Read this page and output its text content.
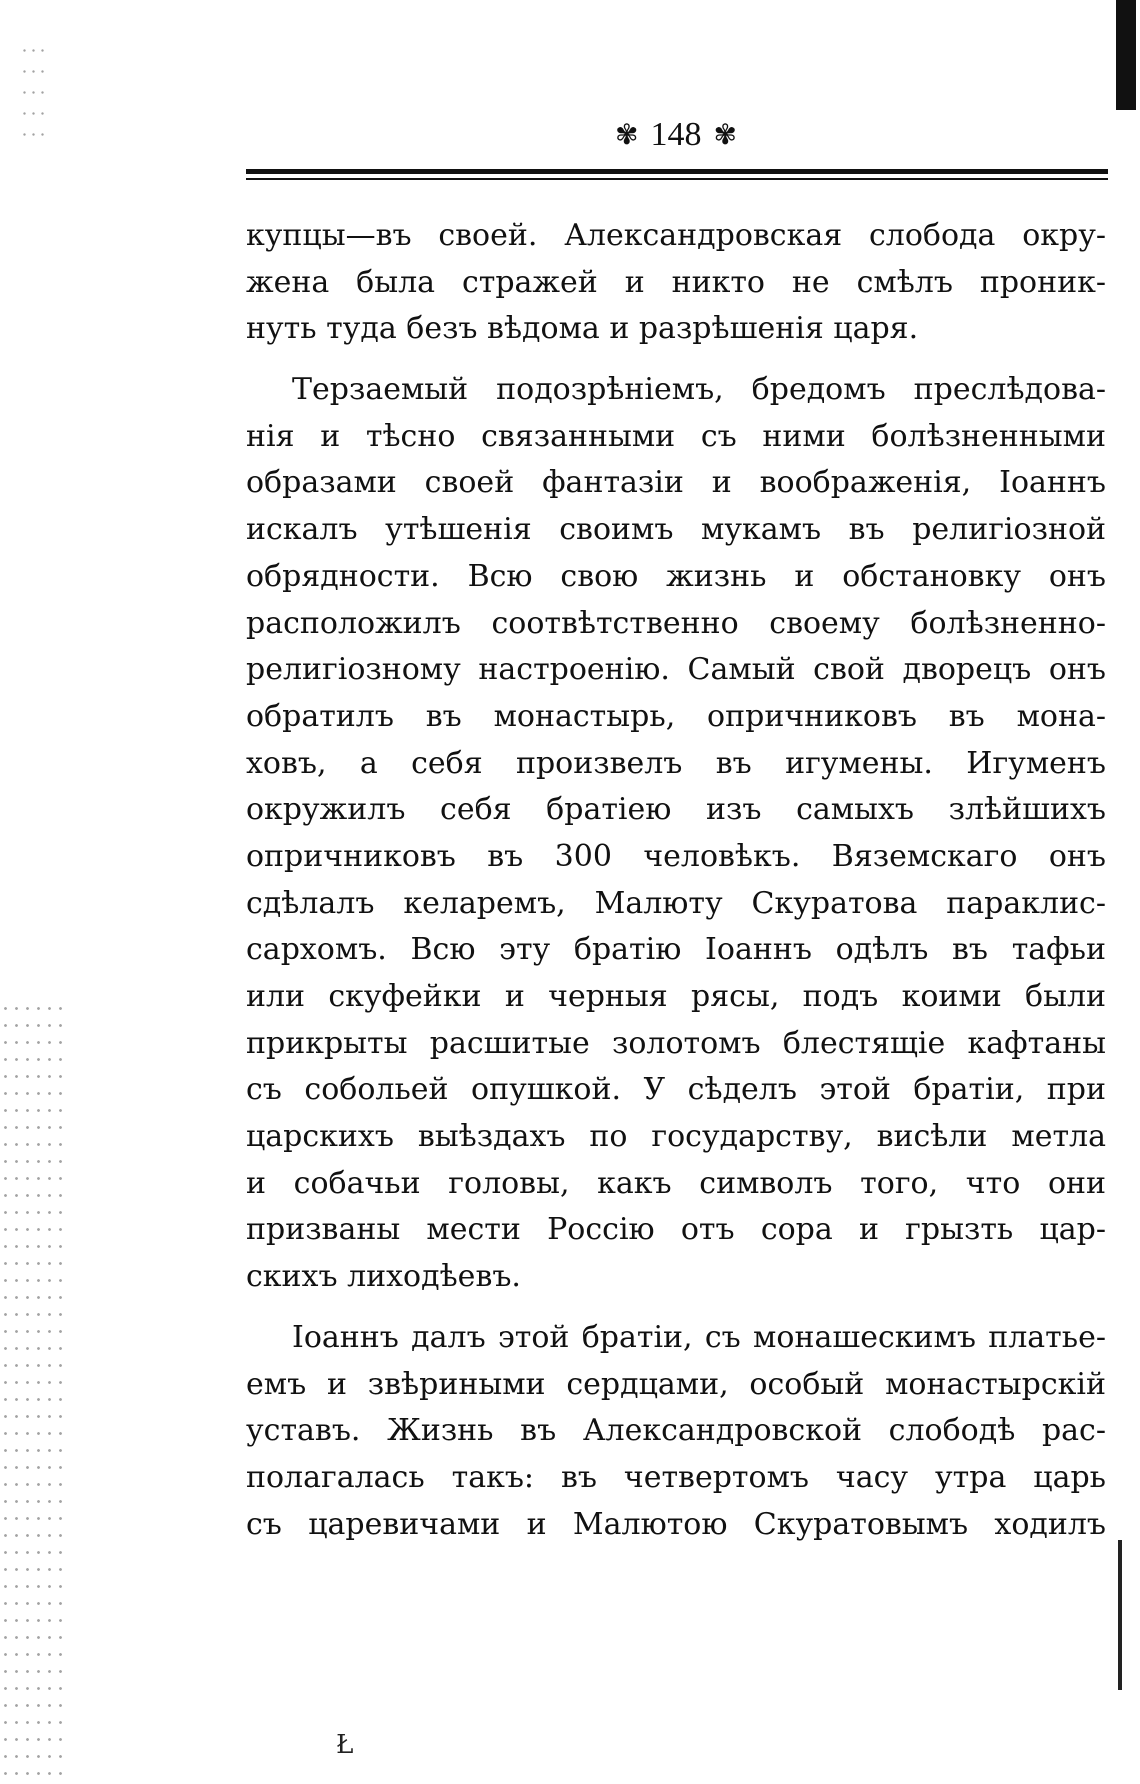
✾ 148 ✾
купцы—въ своей. Александровская слобода окру-
жена была стражей и никто не смѣлъ проник-
нуть туда безъ вѣдома и разрѣшенія царя.
Терзаемый подозрѣніемъ, бредомъ преслѣдова-
нія и тѣсно связанными съ ними болѣзненными
образами своей фантазіи и воображенія, Іоаннъ
искалъ утѣшенія своимъ мукамъ въ религіозной
обрядности. Всю свою жизнь и обстановку онъ
расположилъ соотвѣтственно своему болѣзненно-
религіозному настроенію. Самый свой дворецъ онъ
обратилъ въ монастырь, опричниковъ въ мона-
ховъ, а себя произвелъ въ игумены. Игуменъ
окружилъ себя братіею изъ самыхъ злѣйшихъ
опричниковъ въ 300 человѣкъ. Вяземскаго онъ
сдѣлалъ келаремъ, Малюту Скуратова параклис-
сархомъ. Всю эту братію Іоаннъ одѣлъ въ тафьи
или скуфейки и черныя рясы, подъ коими были
прикрыты расшитые золотомъ блестящіе кафтаны
съ собольей опушкой. У сѣделъ этой братіи, при
царскихъ выѣздахъ по государству, висѣли метла
и собачьи головы, какъ символъ того, что они
призваны мести Россію отъ сора и грызть цар-
скихъ лиходѣевъ.
Іоаннъ далъ этой братіи, съ монашескимъ платье-
емъ и звѣриными сердцами, особый монастырскій
уставъ. Жизнь въ Александровской слободѣ рас-
полагалась такъ: въ четвертомъ часу утра царь
съ царевичами и Малютою Скуратовымъ ходилъ
Ł
